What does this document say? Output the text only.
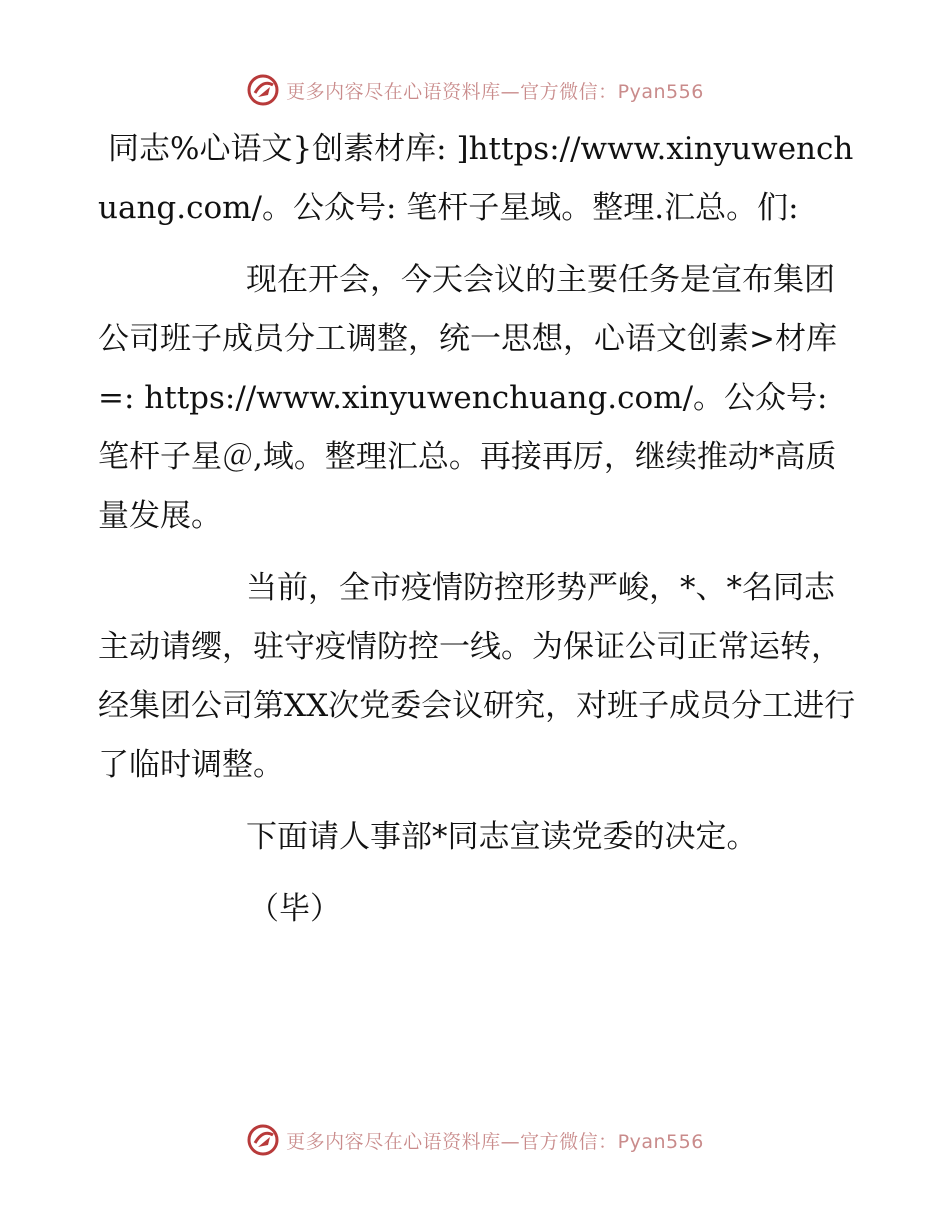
更多内容尽在心语资料库—官方微信：Pyan556

同志%心语文}创素材库: ]https://www.xinyuwenchuang.com/。公众号: 笔杆子星域。整理.汇总。们:

现在开会，今天会议的主要任务是宣布集团公司班子成员分工调整，统一思想，心语文创素>材库=: https://www.xinyuwenchuang.com/。公众号: 笔杆子星＠,域。整理汇总。再接再厉，继续推动*高质量发展。

当前，全市疫情防控形势严峻，*、*名同志主动请缨，驻守疫情防控一线。为保证公司正常运转，经集团公司第XX次党委会议研究，对班子成员分工进行了临时调整。

下面请人事部*同志宣读党委的决定。

（毕）

更多内容尽在心语资料库—官方微信：Pyan556
